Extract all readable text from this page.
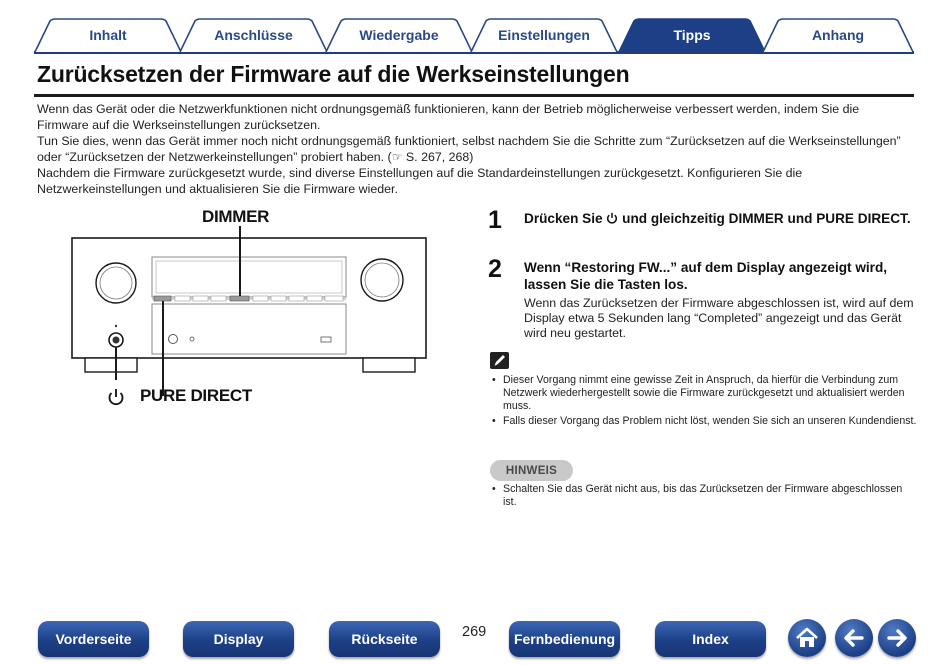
Inhalt	Anschlüsse	Wiedergabe	Einstellungen	Tipps	Anhang
Zurücksetzen der Firmware auf die Werkseinstellungen

Wenn das Gerät oder die Netzwerkfunktionen nicht ordnungsgemäß funktionieren, kann der Betrieb möglicherweise verbessert werden, indem Sie die Firmware auf die Werkseinstellungen zurücksetzen.

Tun Sie dies, wenn das Gerät immer noch nicht ordnungsgemäß funktioniert, selbst nachdem Sie die Schritte zum “Zurücksetzen auf die Werkseinstellungen” oder “Zurücksetzen der Netzwerkeinstellungen” probiert haben. (☞ S. 267, 268)

Nachdem die Firmware zurückgesetzt wurde, sind diverse Einstellungen auf die Standardeinstellungen zurückgesetzt. Konfigurieren Sie die Netzwerkeinstellungen und aktualisieren Sie die Firmware wieder.

DIMMER
PURE DIRECT
1 Drücken Sie  und gleichzeitig DIMMER und PURE DIRECT.
2 Wenn “Restoring FW...” auf dem Display angezeigt wird, lassen Sie die Tasten los.
Wenn das Zurücksetzen der Firmware abgeschlossen ist, wird auf dem Display etwa 5 Sekunden lang “Completed” angezeigt und das Gerät wird neu gestartet.
• Dieser Vorgang nimmt eine gewisse Zeit in Anspruch, da hierfür die Verbindung zum Netzwerk wiederhergestellt sowie die Firmware zurückgesetzt und aktualisiert werden muss.
• Falls dieser Vorgang das Problem nicht löst, wenden Sie sich an unseren Kundendienst.
HINWEIS
• Schalten Sie das Gerät nicht aus, bis das Zurücksetzen der Firmware abgeschlossen ist.
Vorderseite	Display	Rückseite	269	Fernbedienung	Index
